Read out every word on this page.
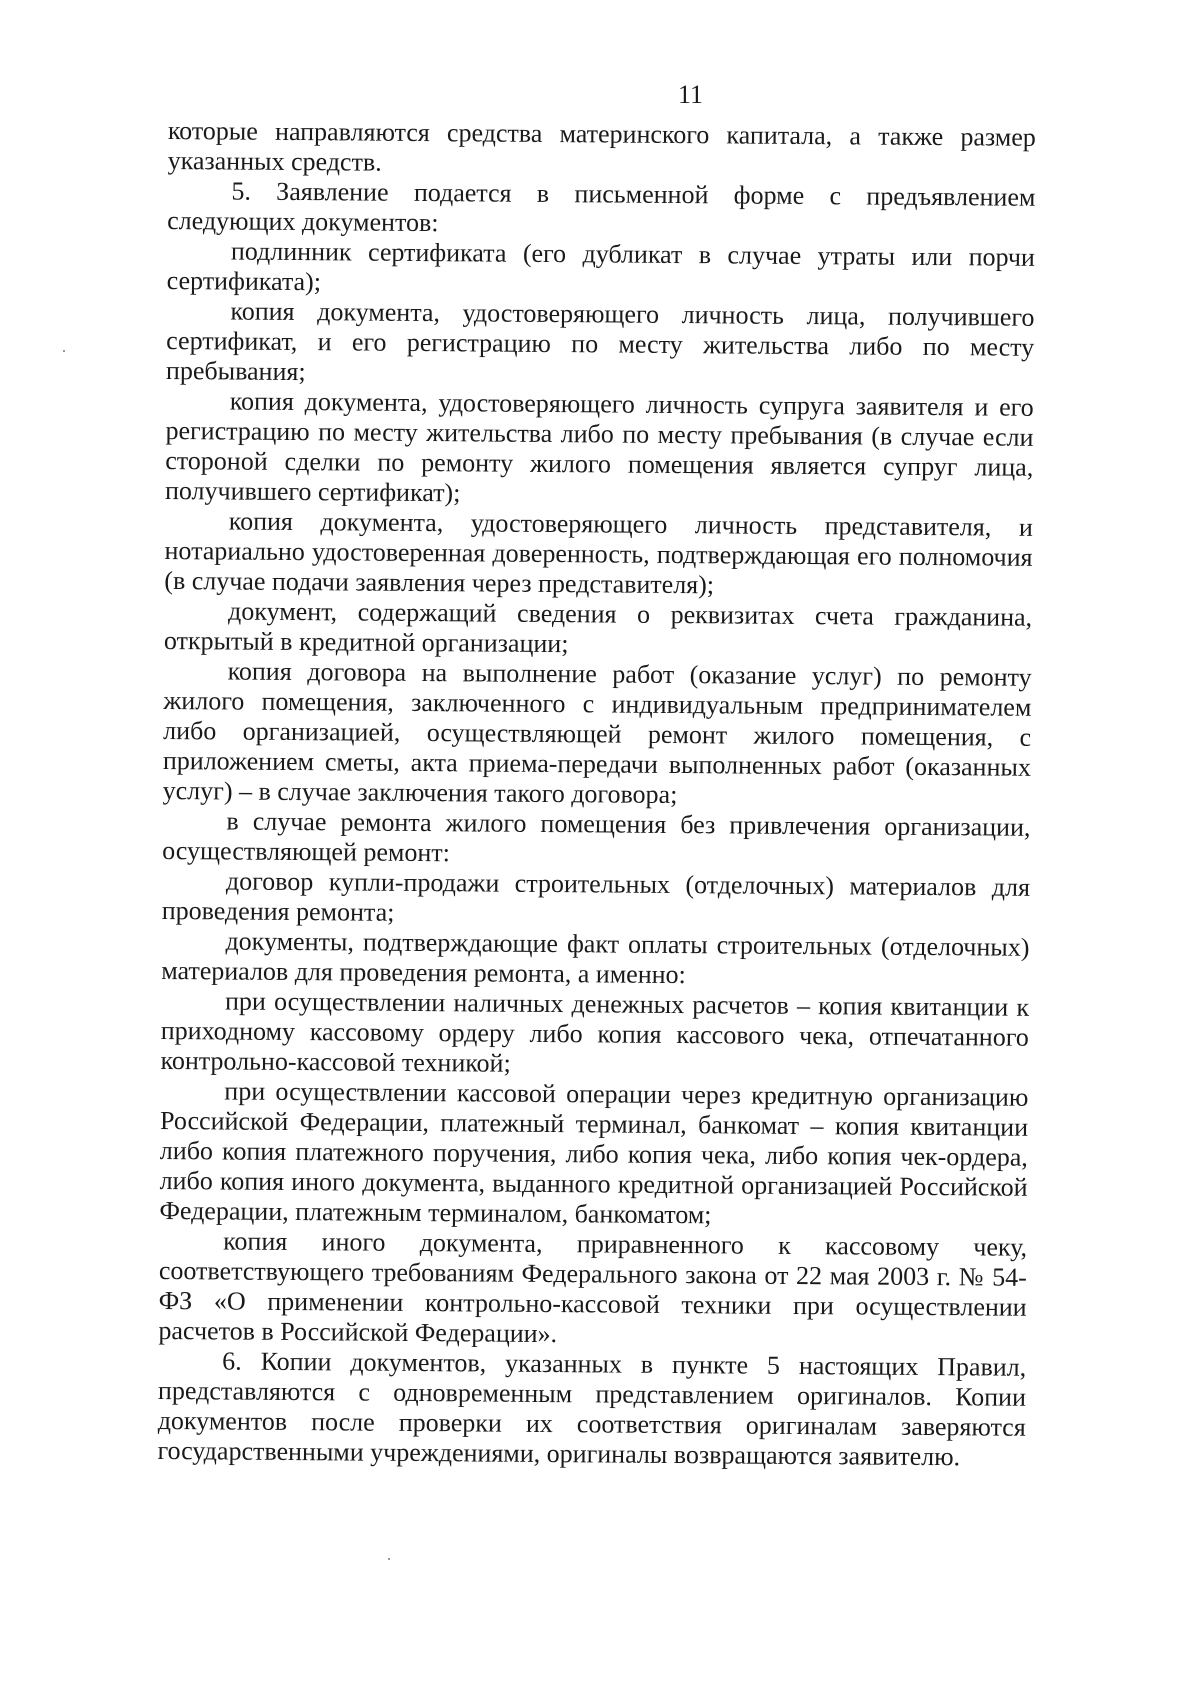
11

которые направляются средства материнского капитала, а также размер указанных средств.

5. Заявление подается в письменной форме с предъявлением следующих документов:

подлинник сертификата (его дубликат в случае утраты или порчи сертификата);

копия документа, удостоверяющего личность лица, получившего сертификат, и его регистрацию по месту жительства либо по месту пребывания;

копия документа, удостоверяющего личность супруга заявителя и его регистрацию по месту жительства либо по месту пребывания (в случае если стороной сделки по ремонту жилого помещения является супруг лица, получившего сертификат);

копия документа, удостоверяющего личность представителя, и нотариально удостоверенная доверенность, подтверждающая его полномочия (в случае подачи заявления через представителя);

документ, содержащий сведения о реквизитах счета гражданина, открытый в кредитной организации;

копия договора на выполнение работ (оказание услуг) по ремонту жилого помещения, заключенного с индивидуальным предпринимателем либо организацией, осуществляющей ремонт жилого помещения, с приложением сметы, акта приема-передачи выполненных работ (оказанных услуг) – в случае заключения такого договора;

в случае ремонта жилого помещения без привлечения организации, осуществляющей ремонт:

договор купли-продажи строительных (отделочных) материалов для проведения ремонта;

документы, подтверждающие факт оплаты строительных (отделочных) материалов для проведения ремонта, а именно:

при осуществлении наличных денежных расчетов – копия квитанции к приходному кассовому ордеру либо копия кассового чека, отпечатанного контрольно-кассовой техникой;

при осуществлении кассовой операции через кредитную организацию Российской Федерации, платежный терминал, банкомат – копия квитанции либо копия платежного поручения, либо копия чека, либо копия чек-ордера, либо копия иного документа, выданного кредитной организацией Российской Федерации, платежным терминалом, банкоматом;

копия иного документа, приравненного к кассовому чеку, соответствующего требованиям Федерального закона от 22 мая 2003 г. № 54-ФЗ «О применении контрольно-кассовой техники при осуществлении расчетов в Российской Федерации».

6. Копии документов, указанных в пункте 5 настоящих Правил, представляются с одновременным представлением оригиналов. Копии документов после проверки их соответствия оригиналам заверяются государственными учреждениями, оригиналы возвращаются заявителю.
